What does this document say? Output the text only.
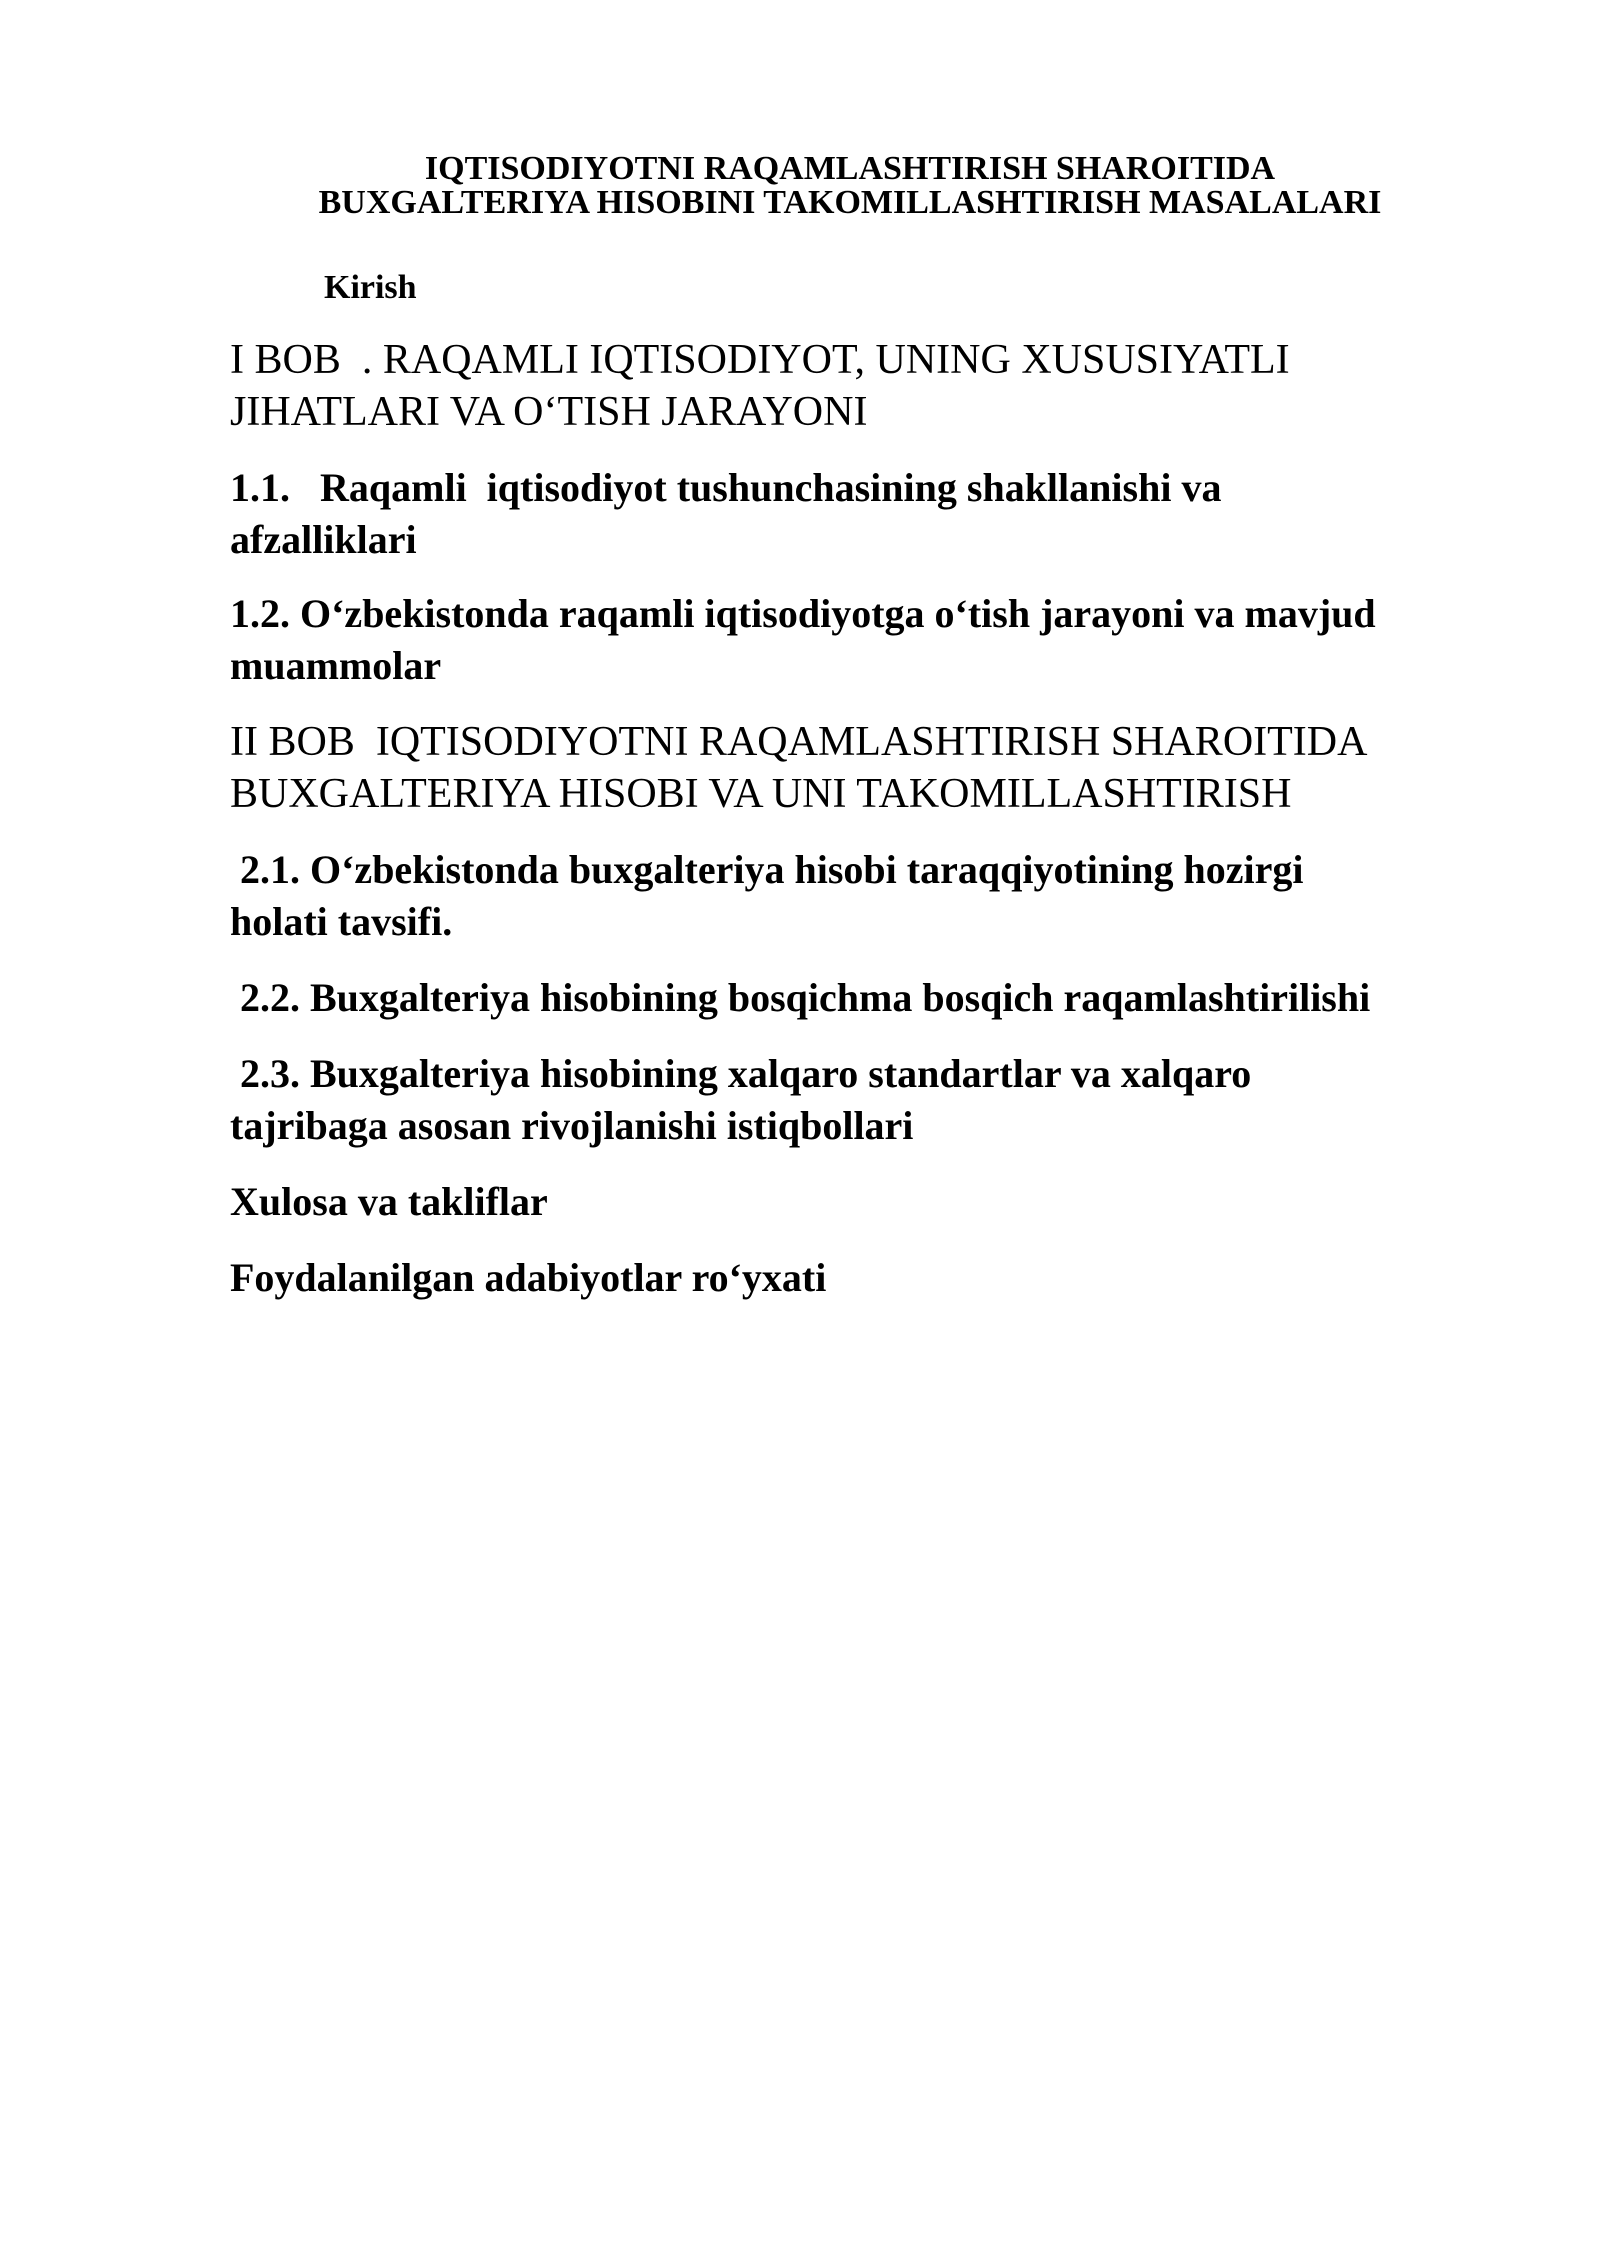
IQTISODIYOTNI RAQAMLASHTIRISH SHAROITIDA
BUXGALTERIYA HISOBINI TAKOMILLASHTIRISH MASALALARI
Kirish
I BOB  . RAQAMLI IQTISODIYOT, UNING XUSUSIYATLI
JIHATLARI VA O‘TISH JARAYONI
1.1.   Raqamli  iqtisodiyot tushunchasining shakllanishi va
afzalliklari
1.2. O‘zbekistonda raqamli iqtisodiyotga o‘tish jarayoni va mavjud
muammolar
II BOB  IQTISODIYOTNI RAQAMLASHTIRISH SHAROITIDA
BUXGALTERIYA HISOBI VA UNI TAKOMILLASHTIRISH
2.1. O‘zbekistonda buxgalteriya hisobi taraqqiyotining hozirgi
holati tavsifi.
2.2. Buxgalteriya hisobining bosqichma bosqich raqamlashtirilishi
2.3. Buxgalteriya hisobining xalqaro standartlar va xalqaro
tajribaga asosan rivojlanishi istiqbollari
Xulosa va takliflar
Foydalanilgan adabiyotlar ro‘yxati
